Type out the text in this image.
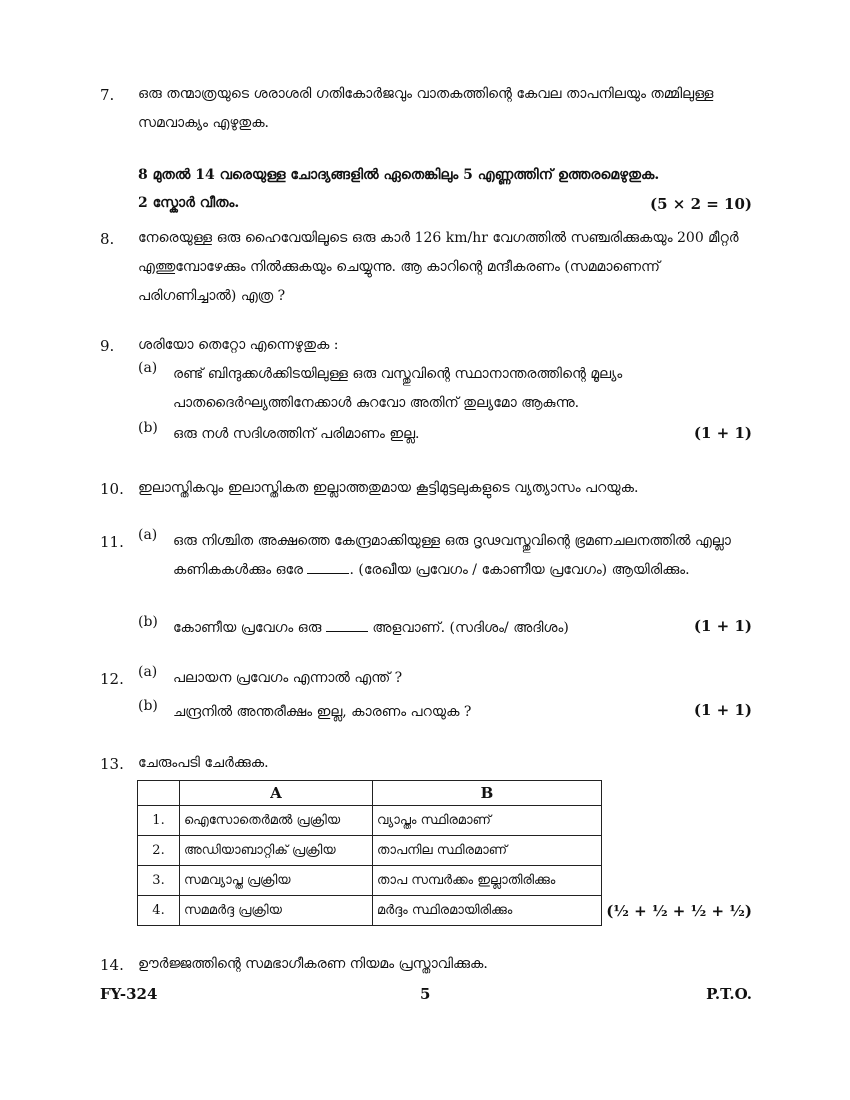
7. ഒരു തന്മാത്രയുടെ ശരാശരി ഗതികോർജവും വാതകത്തിന്റെ കേവല താപനിലയും തമ്മിലുള്ള സമവാക്യം എഴുതുക.
8 മുതൽ 14 വരെയുള്ള ചോദ്യങ്ങളിൽ ഏതെങ്കിലും 5 എണ്ണത്തിന് ഉത്തരമെഴുതുക.
2 സ്കോർ വീതം.	(5 × 2 = 10)
8. നേരെയുള്ള ഒരു ഹൈവേയിലൂടെ ഒരു കാർ 126 km/hr വേഗത്തിൽ സഞ്ചരിക്കുകയും 200 മീറ്റർ എത്തുമ്പോഴേക്കും നിൽക്കുകയും ചെയ്യുന്നു. ആ കാറിന്റെ മന്ദീകരണം (സമമാണെന്ന് പരിഗണിച്ചാൽ) എത്ര ?
9. ശരിയോ തെറ്റോ എന്നെഴുതുക :
(a)	രണ്ട് ബിന്ദുക്കൾക്കിടയിലുള്ള ഒരു വസ്തുവിന്റെ സ്ഥാനാന്തരത്തിന്റെ മൂല്യം പാതദൈർഘ്യത്തിനേക്കാൾ കുറവോ അതിന് തുല്യമോ ആകുന്നു.
(b)	ഒരു നൾ സദിശത്തിന് പരിമാണം ഇല്ല.	(1 + 1)
10. ഇലാസ്തികവും ഇലാസ്തികത ഇല്ലാത്തതുമായ കൂട്ടിമുട്ടലുകളുടെ വ്യത്യാസം പറയുക.
11. (a)	ഒരു നിശ്ചിത അക്ഷത്തെ കേന്ദ്രമാക്കിയുള്ള ഒരു ദൃഢവസ്തുവിന്റെ ഭ്രമണചലനത്തിൽ എല്ലാ കണികകൾക്കും ഒരേ	. (രേഖീയ പ്രവേഗം / കോണീയ പ്രവേഗം) ആയിരിക്കും.
(b)	കോണീയ പ്രവേഗം ഒരു	അളവാണ്. (സദിശം/ അദിശം)	(1 + 1)
12. (a)	പലായന പ്രവേഗം എന്നാൽ എന്ത് ?
(b)	ചന്ദ്രനിൽ അന്തരീക്ഷം ഇല്ല, കാരണം പറയുക ?	(1 + 1)
13. ചേരുംപടി ചേർക്കുക.
	A	B
1.	ഐസോതെർമൽ പ്രക്രിയ	വ്യാപ്തം സ്ഥിരമാണ്
2.	അഡിയാബാറ്റിക് പ്രക്രിയ	താപനില സ്ഥിരമാണ്
3.	സമവ്യാപ്ത പ്രക്രിയ	താപ സമ്പർക്കം ഇല്ലാതിരിക്കും
4.	സമമർദ്ദ പ്രക്രിയ	മർദ്ദം സ്ഥിരമായിരിക്കും	(½ + ½ + ½ + ½)
14. ഊർജ്ജത്തിന്റെ സമഭാഗീകരണ നിയമം പ്രസ്താവിക്കുക.
FY-324	5	P.T.O.
